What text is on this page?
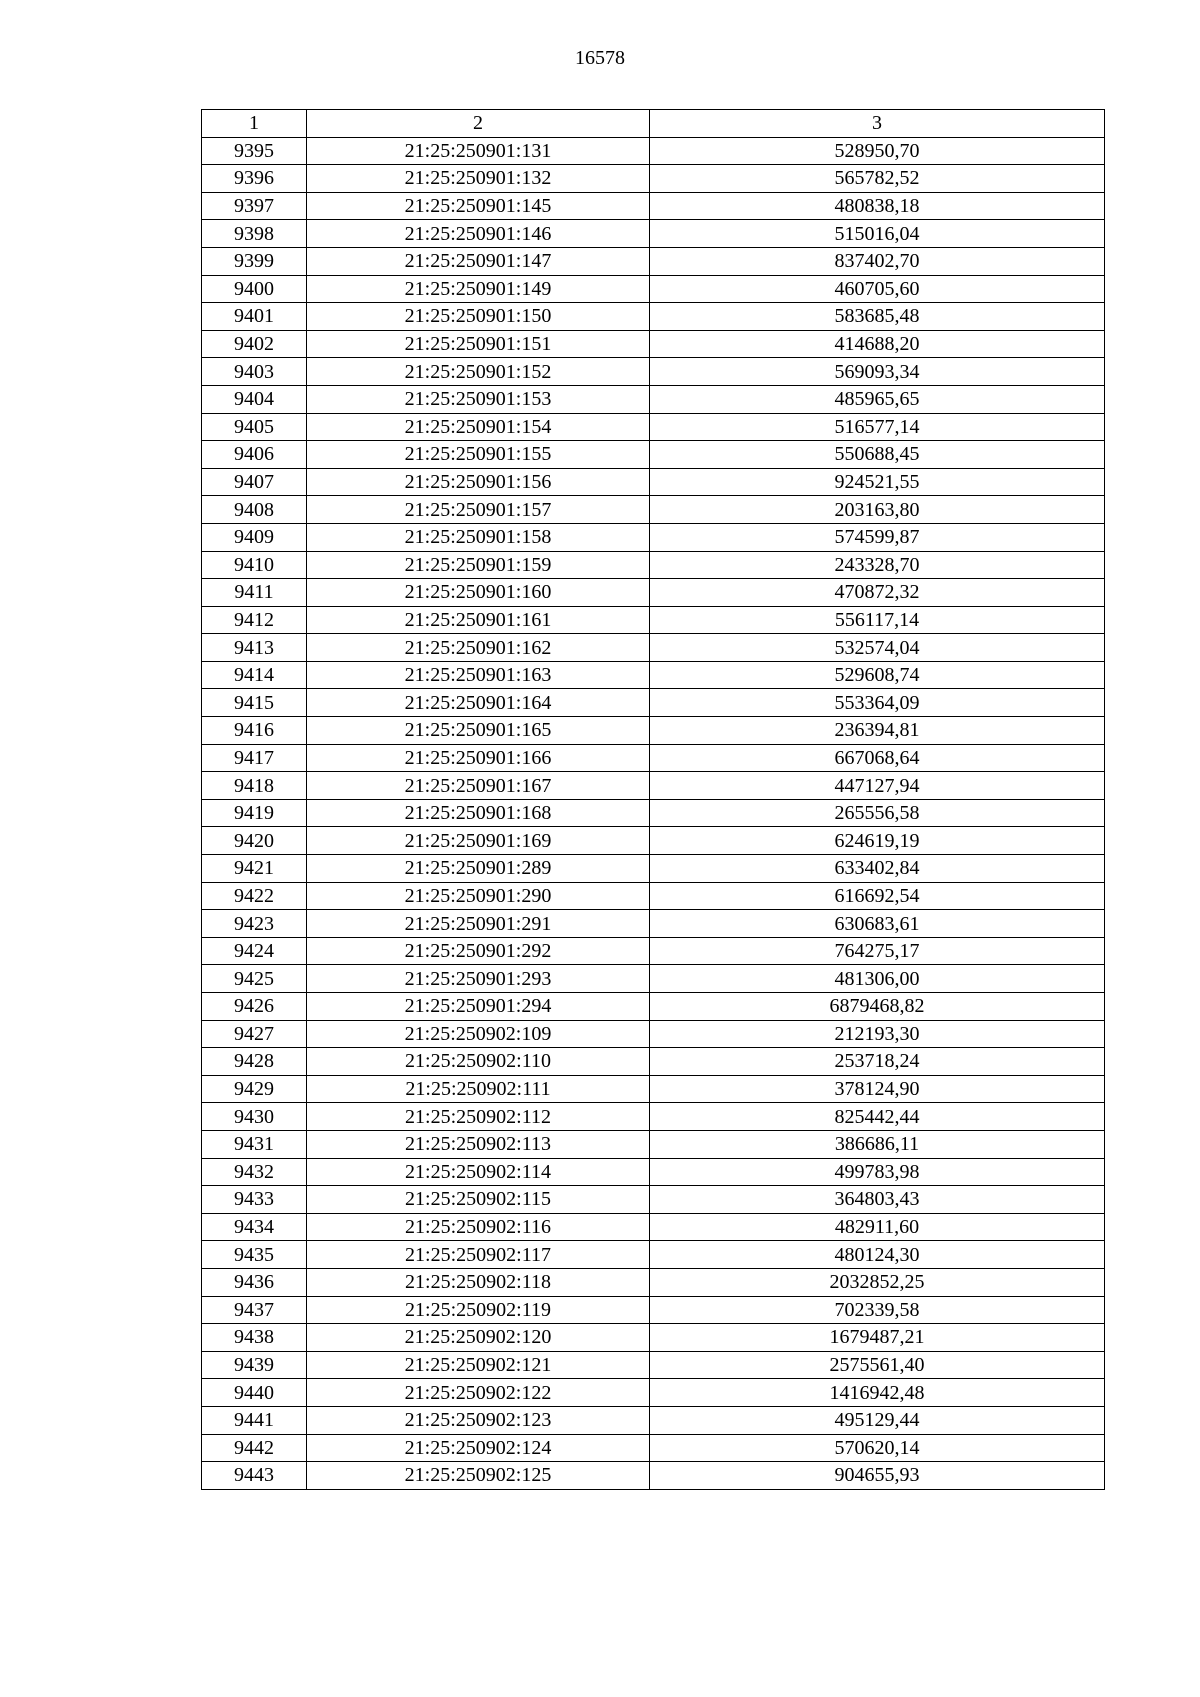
16578
1	2	3
9395	21:25:250901:131	528950,70
9396	21:25:250901:132	565782,52
9397	21:25:250901:145	480838,18
9398	21:25:250901:146	515016,04
9399	21:25:250901:147	837402,70
9400	21:25:250901:149	460705,60
9401	21:25:250901:150	583685,48
9402	21:25:250901:151	414688,20
9403	21:25:250901:152	569093,34
9404	21:25:250901:153	485965,65
9405	21:25:250901:154	516577,14
9406	21:25:250901:155	550688,45
9407	21:25:250901:156	924521,55
9408	21:25:250901:157	203163,80
9409	21:25:250901:158	574599,87
9410	21:25:250901:159	243328,70
9411	21:25:250901:160	470872,32
9412	21:25:250901:161	556117,14
9413	21:25:250901:162	532574,04
9414	21:25:250901:163	529608,74
9415	21:25:250901:164	553364,09
9416	21:25:250901:165	236394,81
9417	21:25:250901:166	667068,64
9418	21:25:250901:167	447127,94
9419	21:25:250901:168	265556,58
9420	21:25:250901:169	624619,19
9421	21:25:250901:289	633402,84
9422	21:25:250901:290	616692,54
9423	21:25:250901:291	630683,61
9424	21:25:250901:292	764275,17
9425	21:25:250901:293	481306,00
9426	21:25:250901:294	6879468,82
9427	21:25:250902:109	212193,30
9428	21:25:250902:110	253718,24
9429	21:25:250902:111	378124,90
9430	21:25:250902:112	825442,44
9431	21:25:250902:113	386686,11
9432	21:25:250902:114	499783,98
9433	21:25:250902:115	364803,43
9434	21:25:250902:116	482911,60
9435	21:25:250902:117	480124,30
9436	21:25:250902:118	2032852,25
9437	21:25:250902:119	702339,58
9438	21:25:250902:120	1679487,21
9439	21:25:250902:121	2575561,40
9440	21:25:250902:122	1416942,48
9441	21:25:250902:123	495129,44
9442	21:25:250902:124	570620,14
9443	21:25:250902:125	904655,93
